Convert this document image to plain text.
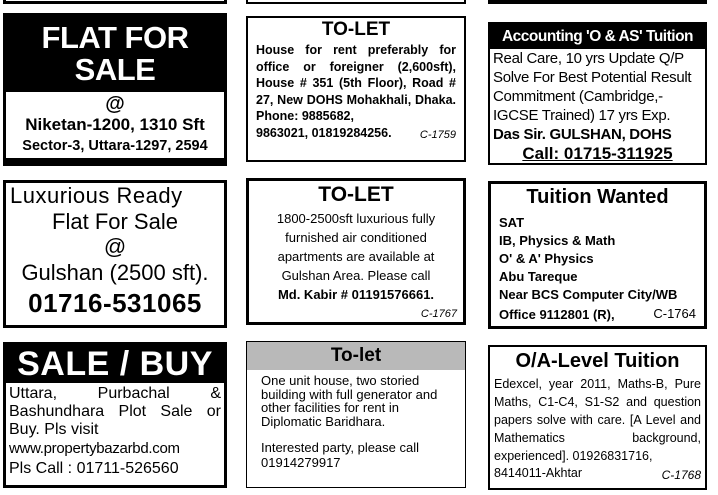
FLAT FOR SALE
@
Niketan-1200, 1310 Sft
Sector-3, Uttara-1297, 2594
01921454264, 01921454287
TO-LET
House for rent preferably for office or foreigner (2,600sft), House # 351 (5th Floor), Road # 27, New DOHS Mohakhali, Dhaka. Phone: 9885682,
9863021, 01819284256.	C-1759
Accounting 'O & AS' Tuition
Real Care, 10 yrs Update Q/P Solve For Best Potential Result Commitment (Cambridge,- IGCSE Trained) 17 yrs Exp.
Das Sir. GULSHAN, DOHS
Call: 01715-311925
Luxurious Ready
Flat For Sale
@
Gulshan (2500 sft).
01716-531065
TO-LET
1800-2500sft luxurious fully furnished air conditioned apartments are available at Gulshan Area. Please call
Md. Kabir # 01191576661.
C-1767
Tuition Wanted
SAT
IB, Physics & Math
O' & A' Physics
Abu Tareque
Near BCS Computer City/WB
Office 9112801 (R),	C-1764
SALE / BUY
Uttara, Purbachal & Bashundhara Plot Sale or Buy. Pls visit
www.propertybazarbd.com
Pls Call : 01711-526560
To-let
One unit house, two storied building with full generator and other facilities for rent in Diplomatic Baridhara.
Interested party, please call 01914279917
O/A-Level Tuition
Edexcel, year 2011, Maths-B, Pure Maths, C1-C4, S1-S2 and question papers solve with care. [A Level and Mathematics background, experienced]. 01926831716,
8414011-Akhtar	C-1768
